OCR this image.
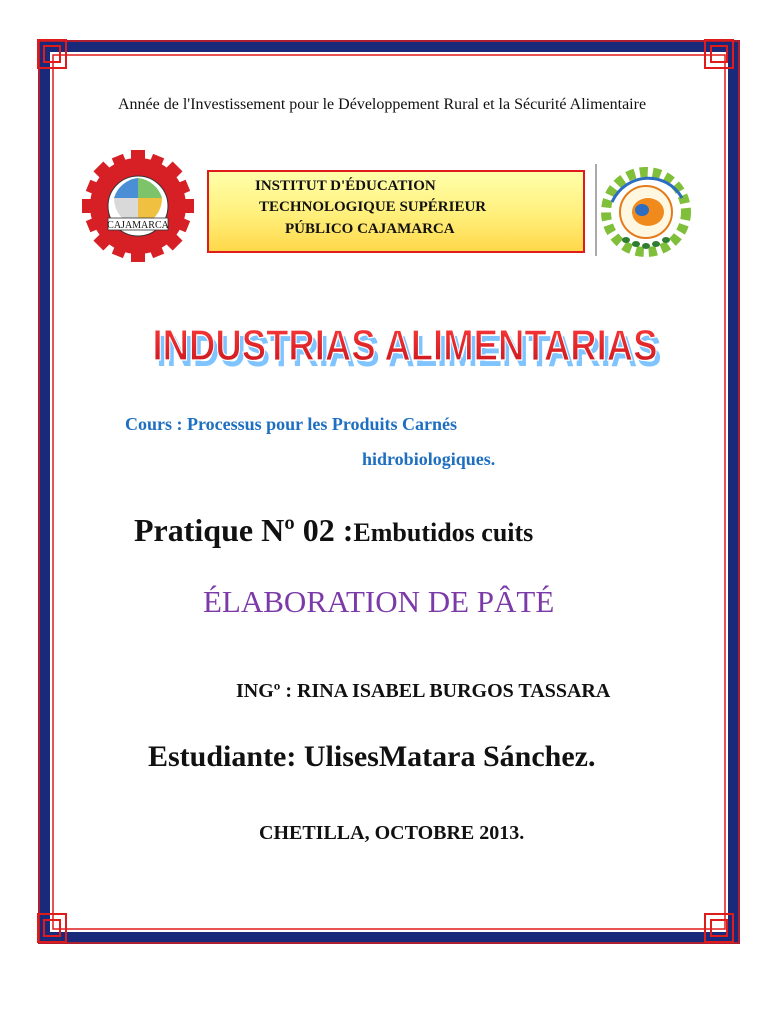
Année de l'Investissement pour le Développement Rural et la Sécurité Alimentaire
CAJAMARCA
INSTITUT D'ÉDUCATION
TECHNOLOGIQUE SUPÉRIEUR
PÚBLICO CAJAMARCA
INDUSTRIAS ALIMENTARIAS
INDUSTRIAS ALIMENTARIAS
Cours : Processus pour les Produits Carnés
hidrobiologiques.
Pratique Nº 02 :Embutidos cuits
ÉLABORATION DE PÂTÉ
INGº : RINA ISABEL BURGOS TASSARA
Estudiante: UlisesMatara Sánchez.
CHETILLA, OCTOBRE 2013.
